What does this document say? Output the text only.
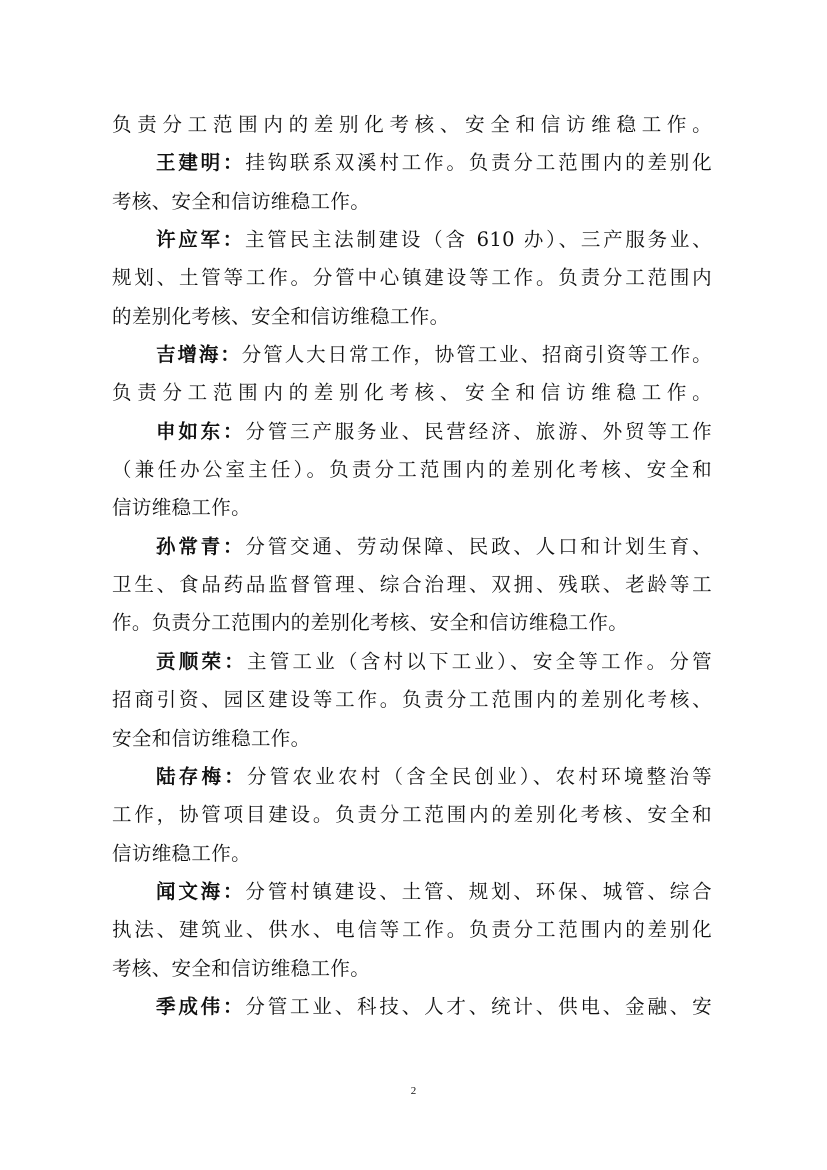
负责分工范围内的差别化考核、安全和信访维稳工作。
王建明：挂钩联系双溪村工作。负责分工范围内的差别化
考核、安全和信访维稳工作。
许应军：主管民主法制建设（含 610 办）、三产服务业、
规划、土管等工作。分管中心镇建设等工作。负责分工范围内
的差别化考核、安全和信访维稳工作。
吉增海：分管人大日常工作，协管工业、招商引资等工作。
负责分工范围内的差别化考核、安全和信访维稳工作。
申如东：分管三产服务业、民营经济、旅游、外贸等工作
（兼任办公室主任）。负责分工范围内的差别化考核、安全和
信访维稳工作。
孙常青：分管交通、劳动保障、民政、人口和计划生育、
卫生、食品药品监督管理、综合治理、双拥、残联、老龄等工
作。负责分工范围内的差别化考核、安全和信访维稳工作。
贡顺荣：主管工业（含村以下工业）、安全等工作。分管
招商引资、园区建设等工作。负责分工范围内的差别化考核、
安全和信访维稳工作。
陆存梅：分管农业农村（含全民创业）、农村环境整治等
工作，协管项目建设。负责分工范围内的差别化考核、安全和
信访维稳工作。
闻文海：分管村镇建设、土管、规划、环保、城管、综合
执法、建筑业、供水、电信等工作。负责分工范围内的差别化
考核、安全和信访维稳工作。
季成伟：分管工业、科技、人才、统计、供电、金融、安
2
